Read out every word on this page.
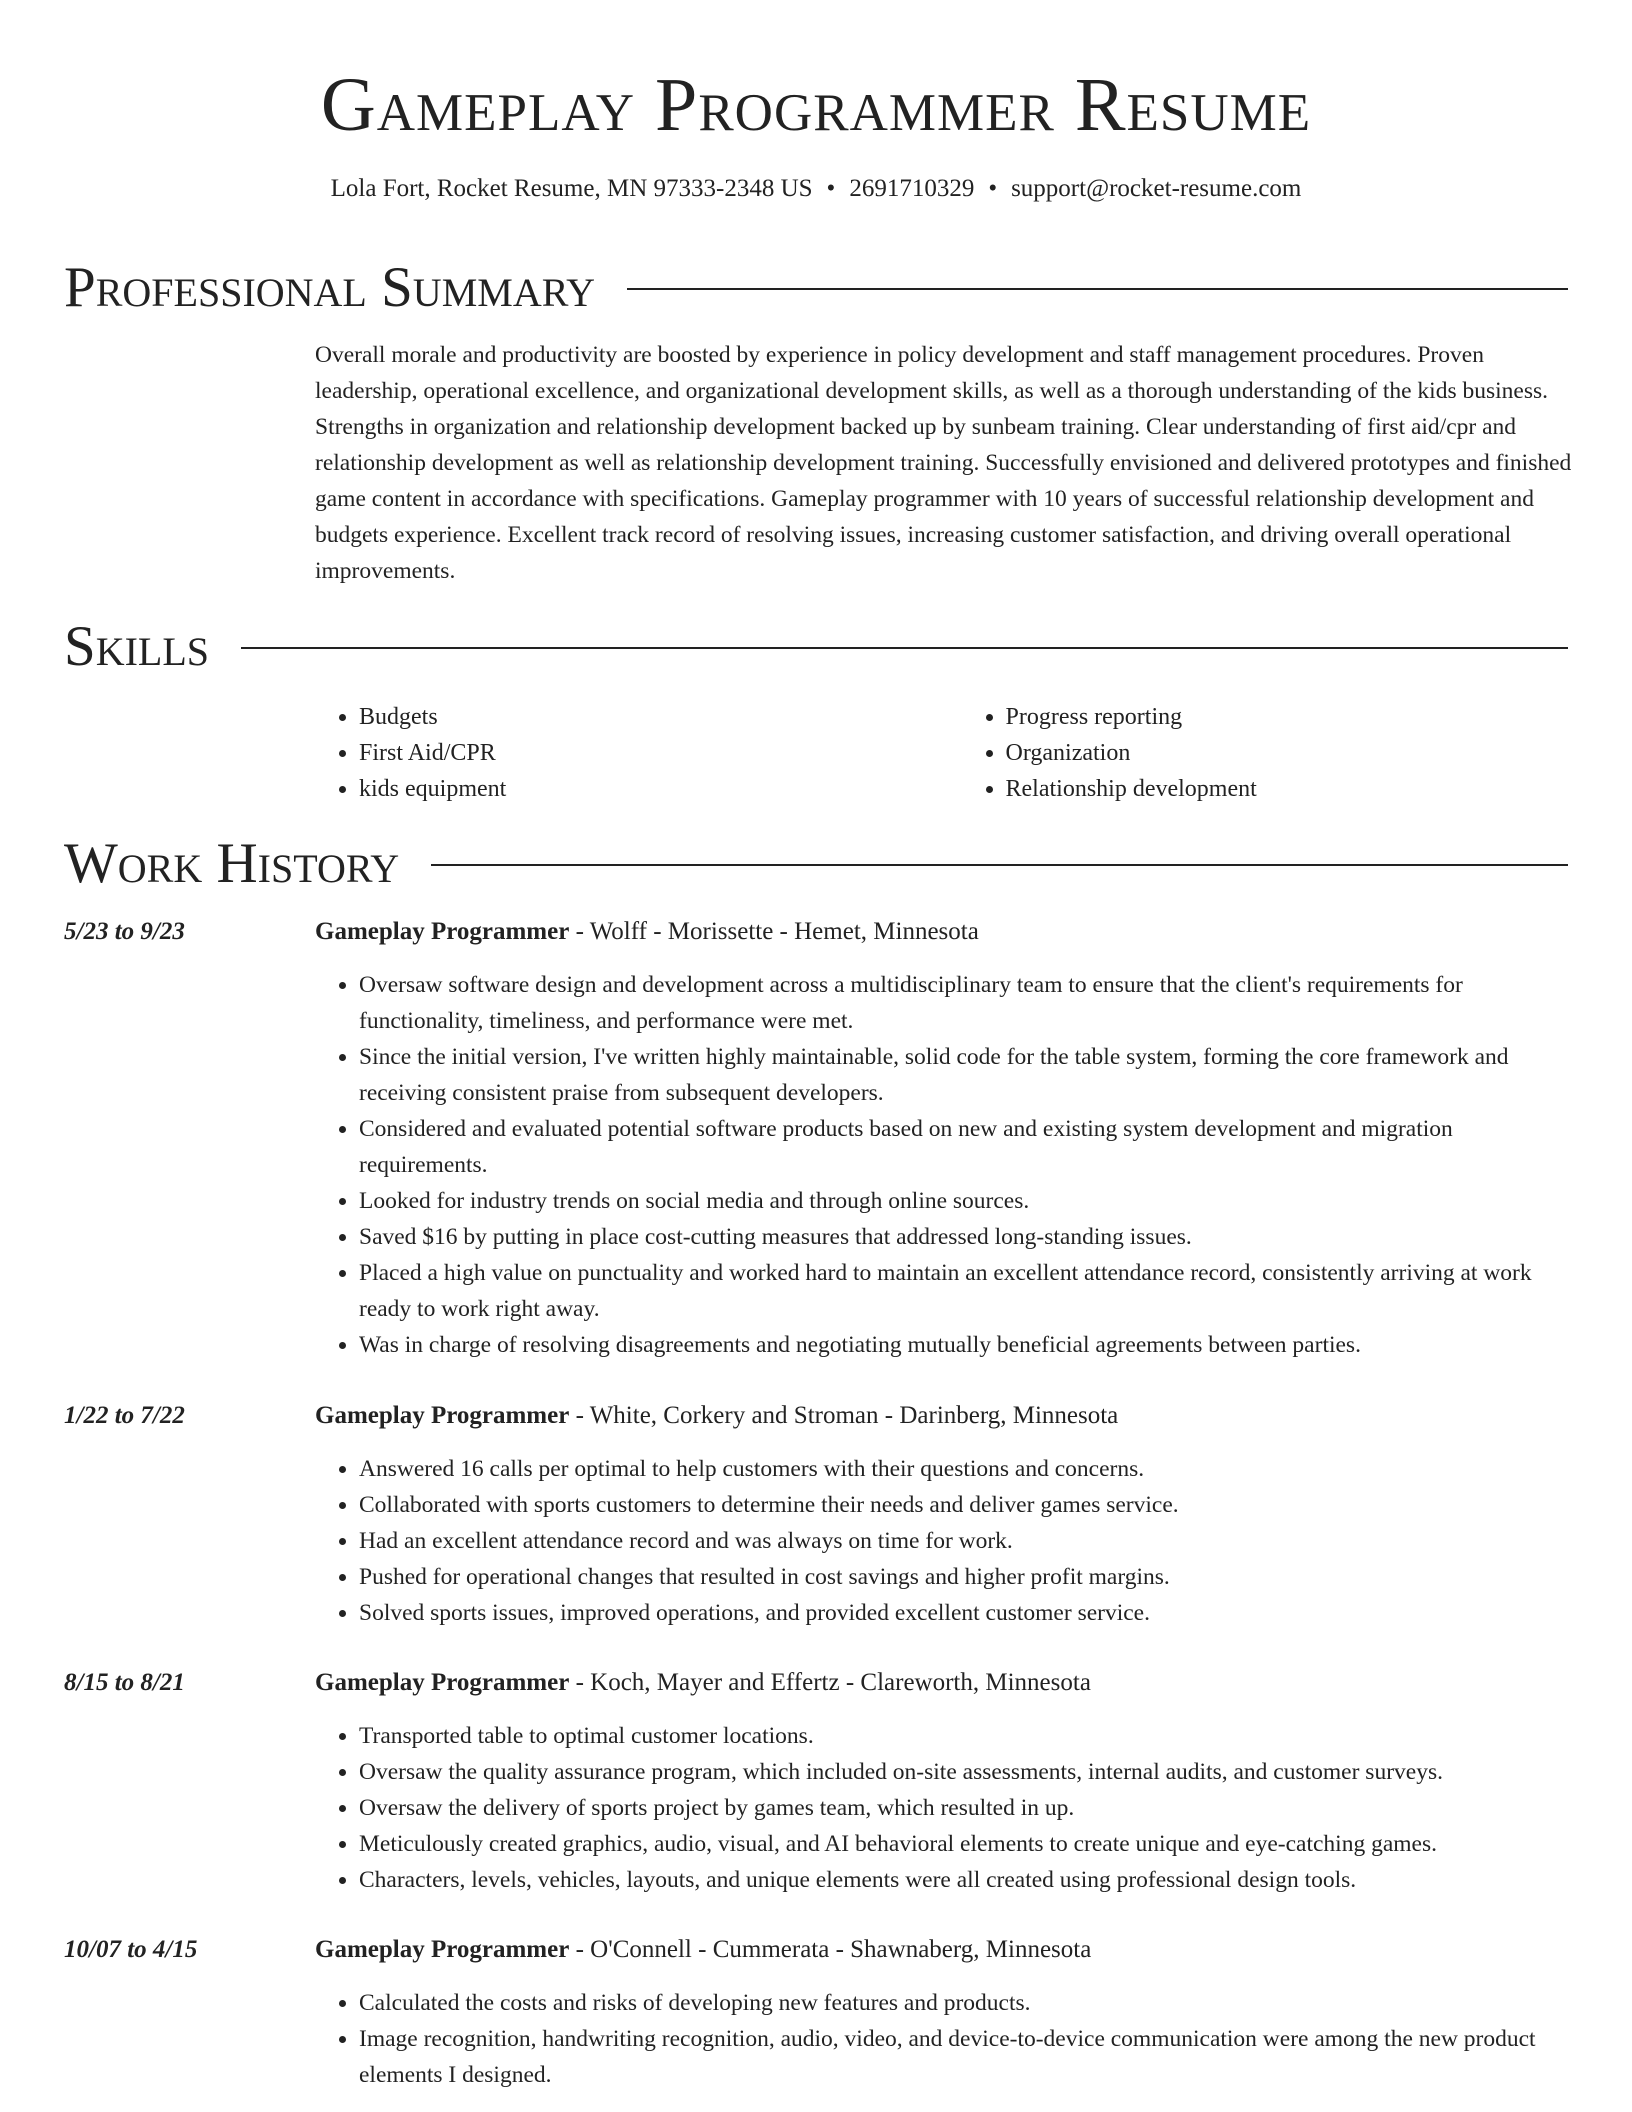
Gameplay Programmer Resume
Lola Fort, Rocket Resume, MN 97333-2348 US • 2691710329 • support@rocket-resume.com
Professional Summary

Overall morale and productivity are boosted by experience in policy development and staff management procedures. Proven leadership, operational excellence, and organizational development skills, as well as a thorough understanding of the kids business. Strengths in organization and relationship development backed up by sunbeam training. Clear understanding of first aid/cpr and relationship development as well as relationship development training. Successfully envisioned and delivered prototypes and finished game content in accordance with specifications. Gameplay programmer with 10 years of successful relationship development and budgets experience. Excellent track record of resolving issues, increasing customer satisfaction, and driving overall operational improvements.

Skills
• Budgets
• First Aid/CPR
• kids equipment
• Progress reporting
• Organization
• Relationship development
Work History
5/23 to 9/23	Gameplay Programmer - Wolff - Morissette - Hemet, Minnesota
• Oversaw software design and development across a multidisciplinary team to ensure that the client's requirements for functionality, timeliness, and performance were met.
• Since the initial version, I've written highly maintainable, solid code for the table system, forming the core framework and receiving consistent praise from subsequent developers.
• Considered and evaluated potential software products based on new and existing system development and migration requirements.
• Looked for industry trends on social media and through online sources.
• Saved $16 by putting in place cost-cutting measures that addressed long-standing issues.
• Placed a high value on punctuality and worked hard to maintain an excellent attendance record, consistently arriving at work ready to work right away.
• Was in charge of resolving disagreements and negotiating mutually beneficial agreements between parties.
1/22 to 7/22	Gameplay Programmer - White, Corkery and Stroman - Darinberg, Minnesota
• Answered 16 calls per optimal to help customers with their questions and concerns.
• Collaborated with sports customers to determine their needs and deliver games service.
• Had an excellent attendance record and was always on time for work.
• Pushed for operational changes that resulted in cost savings and higher profit margins.
• Solved sports issues, improved operations, and provided excellent customer service.
8/15 to 8/21	Gameplay Programmer - Koch, Mayer and Effertz - Clareworth, Minnesota
• Transported table to optimal customer locations.
• Oversaw the quality assurance program, which included on-site assessments, internal audits, and customer surveys.
• Oversaw the delivery of sports project by games team, which resulted in up.
• Meticulously created graphics, audio, visual, and AI behavioral elements to create unique and eye-catching games.
• Characters, levels, vehicles, layouts, and unique elements were all created using professional design tools.
10/07 to 4/15	Gameplay Programmer - O'Connell - Cummerata - Shawnaberg, Minnesota
• Calculated the costs and risks of developing new features and products.
• Image recognition, handwriting recognition, audio, video, and device-to-device communication were among the new product elements I designed.
